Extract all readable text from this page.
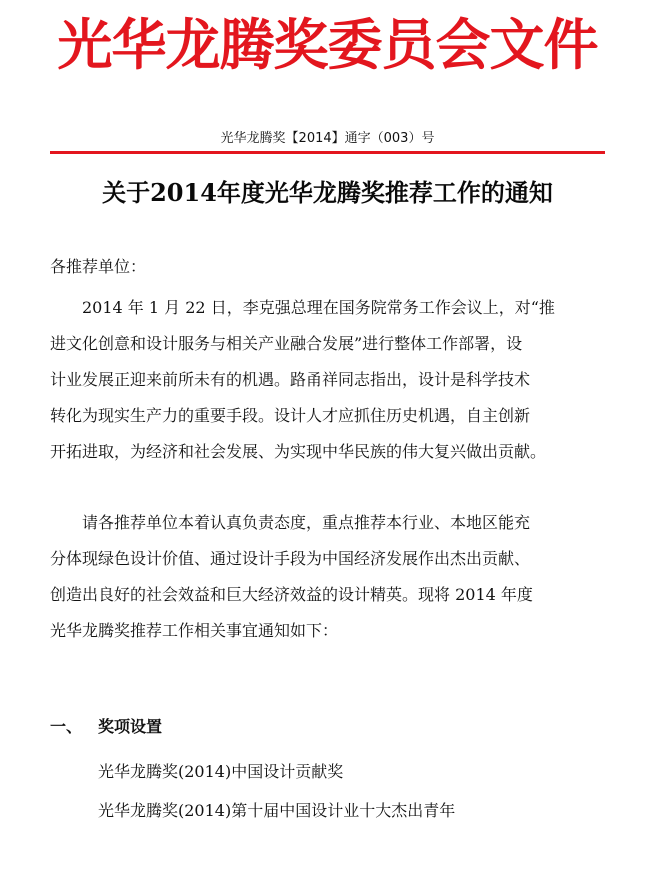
光华龙腾奖委员会文件
光华龙腾奖【2014】通字（003）号
关于2014年度光华龙腾奖推荐工作的通知
各推荐单位：
2014 年 1 月 22 日，李克强总理在国务院常务工作会议上，对“推
进文化创意和设计服务与相关产业融合发展”进行整体工作部署，设
计业发展正迎来前所未有的机遇。路甬祥同志指出，设计是科学技术
转化为现实生产力的重要手段。设计人才应抓住历史机遇，自主创新
开拓进取，为经济和社会发展、为实现中华民族的伟大复兴做出贡献。
请各推荐单位本着认真负责态度，重点推荐本行业、本地区能充
分体现绿色设计价值、通过设计手段为中国经济发展作出杰出贡献、
创造出良好的社会效益和巨大经济效益的设计精英。现将 2014 年度
光华龙腾奖推荐工作相关事宜通知如下：
一、 奖项设置
光华龙腾奖(2014)中国设计贡献奖
光华龙腾奖(2014)第十届中国设计业十大杰出青年
